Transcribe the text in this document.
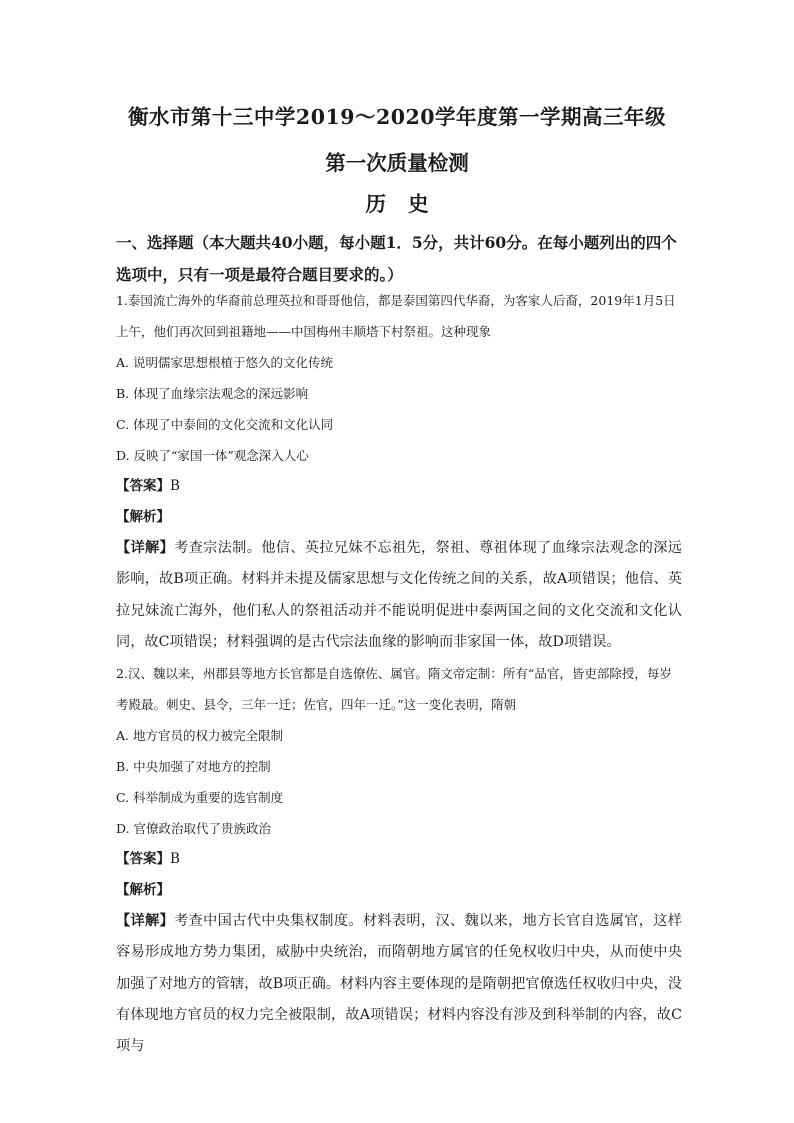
衡水市第十三中学2019～2020学年度第一学期高三年级
第一次质量检测
历史
一、选择题（本大题共40小题，每小题1．5分，共计60分。在每小题列出的四个选项中，只有一项是最符合题目要求的。）

1.泰国流亡海外的华裔前总理英拉和哥哥他信，都是泰国第四代华裔，为客家人后裔，2019年1月5日上午，他们再次回到祖籍地——中国梅州丰顺塔下村祭祖。这种现象

A. 说明儒家思想根植于悠久的文化传统

B. 体现了血缘宗法观念的深远影响

C. 体现了中泰间的文化交流和文化认同

D. 反映了“家国一体”观念深入人心

【答案】B

【解析】

【详解】考查宗法制。他信、英拉兄妹不忘祖先，祭祖、尊祖体现了血缘宗法观念的深远影响，故B项正确。材料并未提及儒家思想与文化传统之间的关系，故A项错误；他信、英拉兄妹流亡海外，他们私人的祭祖活动并不能说明促进中泰两国之间的文化交流和文化认同，故C项错误；材料强调的是古代宗法血缘的影响而非家国一体，故D项错误。

2.汉、魏以来，州郡县等地方长官都是自选僚佐、属官。隋文帝定制：所有“品官，皆吏部除授，每岁考殿最。刺史、县令，三年一迁；佐官，四年一迁。”这一变化表明，隋朝

A. 地方官员的权力被完全限制

B. 中央加强了对地方的控制

C. 科举制成为重要的选官制度

D. 官僚政治取代了贵族政治

【答案】B

【解析】

【详解】考查中国古代中央集权制度。材料表明，汉、魏以来，地方长官自选属官，这样容易形成地方势力集团，威胁中央统治，而隋朝地方属官的任免权收归中央，从而使中央加强了对地方的管辖，故B项正确。材料内容主要体现的是隋朝把官僚选任权收归中央，没有体现地方官员的权力完全被限制，故A项错误；材料内容没有涉及到科举制的内容，故C项与
